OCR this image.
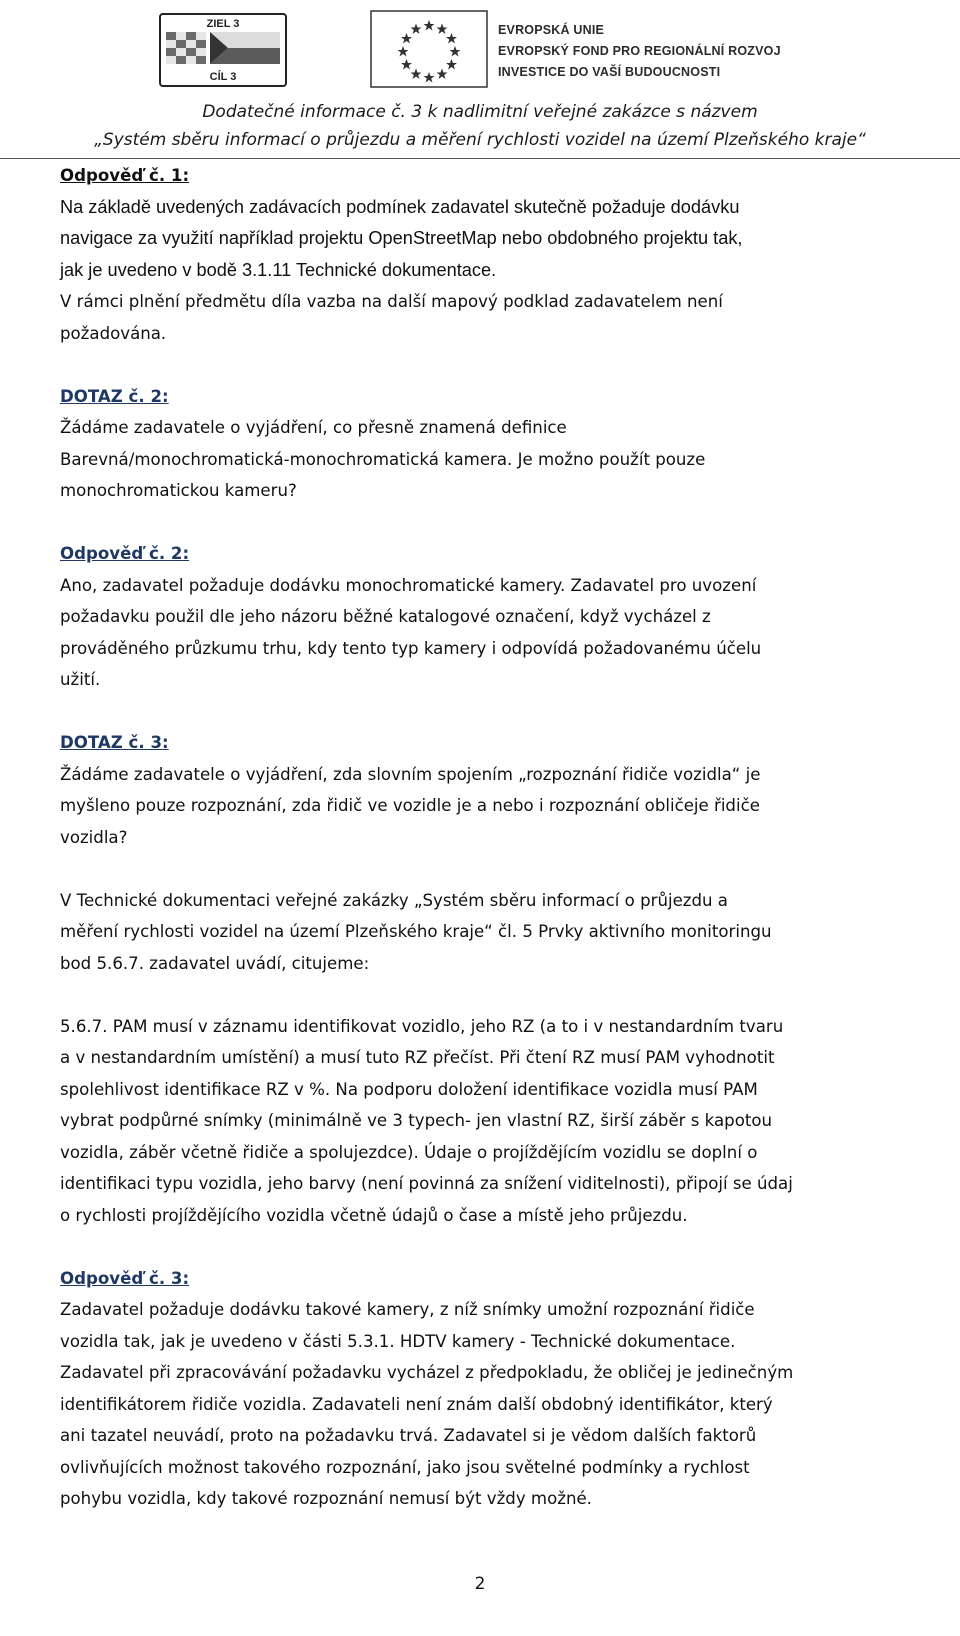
ZIEL 3
CÍL 3
EVROPSKÁ UNIE
EVROPSKÝ FOND PRO REGIONÁLNÍ ROZVOJ
INVESTICE DO VAŠÍ BUDOUCNOSTI
Dodatečné informace č. 3 k nadlimitní veřejné zakázce s názvem
„Systém sběru informací o průjezdu a měření rychlosti vozidel na území Plzeňského kraje“
Odpověď č. 1:

Na základě uvedených zadávacích podmínek zadavatel skutečně požaduje dodávku

navigace za využití například projektu OpenStreetMap nebo obdobného projektu tak,

jak je uvedeno v bodě 3.1.11 Technické dokumentace.

V rámci plnění předmětu díla vazba na další mapový podklad zadavatelem není

požadována.

DOTAZ č. 2:

Žádáme zadavatele o vyjádření, co přesně znamená definice

Barevná/monochromatická-monochromatická kamera. Je možno použít pouze

monochromatickou kameru?

Odpověď č. 2:

Ano, zadavatel požaduje dodávku monochromatické kamery. Zadavatel pro uvození

požadavku použil dle jeho názoru běžné katalogové označení, když vycházel z

prováděného průzkumu trhu, kdy tento typ kamery i odpovídá požadovanému účelu

užití.

DOTAZ č. 3:

Žádáme zadavatele o vyjádření, zda slovním spojením „rozpoznání řidiče vozidla“ je

myšleno pouze rozpoznání, zda řidič ve vozidle je a nebo i rozpoznání obličeje řidiče

vozidla?

V Technické dokumentaci veřejné zakázky „Systém sběru informací o průjezdu a

měření rychlosti vozidel na území Plzeňského kraje“ čl. 5 Prvky aktivního monitoringu

bod 5.6.7. zadavatel uvádí, citujeme:

5.6.7. PAM musí v záznamu identifikovat vozidlo, jeho RZ (a to i v nestandardním tvaru

a v nestandardním umístění) a musí tuto RZ přečíst. Při čtení RZ musí PAM vyhodnotit

spolehlivost identifikace RZ v %. Na podporu doložení identifikace vozidla musí PAM

vybrat podpůrné snímky (minimálně ve 3 typech- jen vlastní RZ, širší záběr s kapotou

vozidla, záběr včetně řidiče a spolujezdce). Údaje o projíždějícím vozidlu se doplní o

identifikaci typu vozidla, jeho barvy (není povinná za snížení viditelnosti), připojí se údaj

o rychlosti projíždějícího vozidla včetně údajů o čase a místě jeho průjezdu.

Odpověď č. 3:

Zadavatel požaduje dodávku takové kamery, z níž snímky umožní rozpoznání řidiče

vozidla tak, jak je uvedeno v části 5.3.1. HDTV kamery - Technické dokumentace.

Zadavatel při zpracovávání požadavku vycházel z předpokladu, že obličej je jedinečným

identifikátorem řidiče vozidla. Zadavateli není znám další obdobný identifikátor, který

ani tazatel neuvádí, proto na požadavku trvá. Zadavatel si je vědom dalších faktorů

ovlivňujících možnost takového rozpoznání, jako jsou světelné podmínky a rychlost

pohybu vozidla, kdy takové rozpoznání nemusí být vždy možné.

2
